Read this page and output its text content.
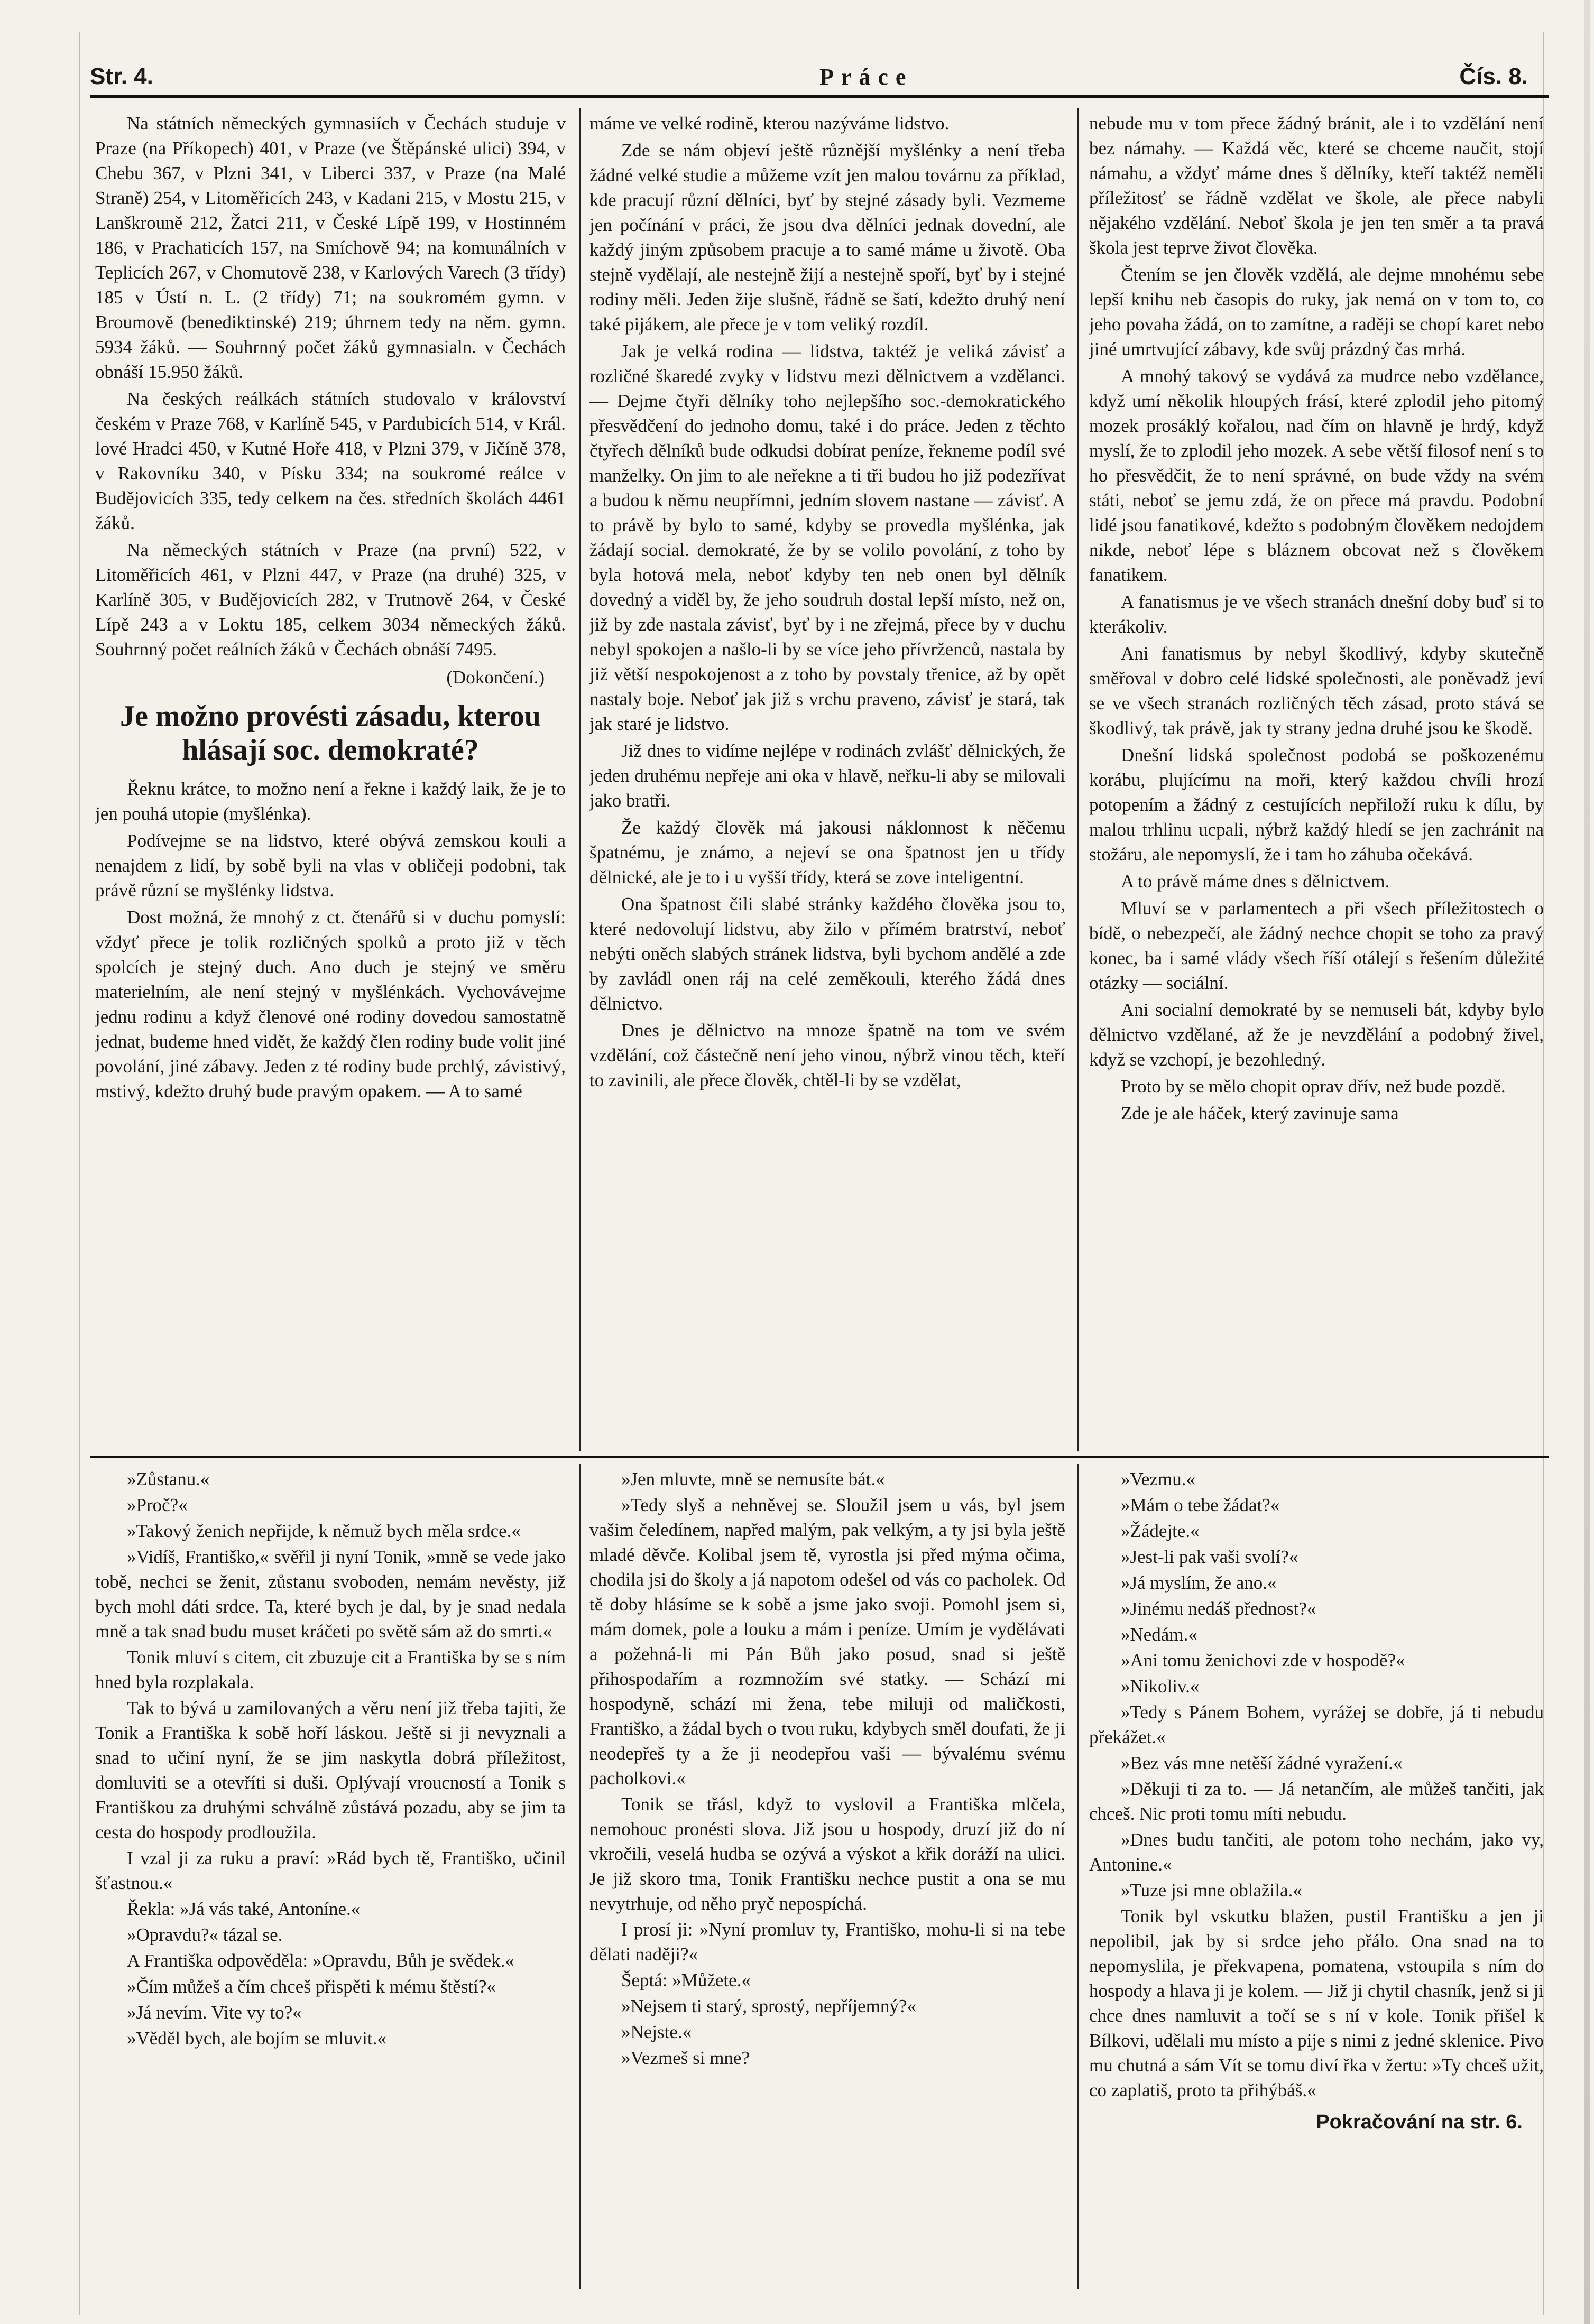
Str. 4.	Práce	Čís. 8.

Na státních německých gymnasiích v Čechách studuje v Praze (na Příkopech) 401, v Praze (ve Štěpánské ulici) 394, v Chebu 367, v Plzni 341, v Liberci 337, v Praze (na Malé Straně) 254, v Litoměřicích 243, v Kadani 215, v Mostu 215, v Lanškrouně 212, Žatci 211, v České Lípě 199, v Hostinném 186, v Prachaticích 157, na Smíchově 94; na komunálních v Teplicích 267, v Chomutově 238, v Karlových Varech (3 třídy) 185 v Ústí n. L. (2 třídy) 71; na soukromém gymn. v Broumově (benediktinské) 219; úhrnem tedy na něm. gymn. 5934 žáků. — Souhrnný počet žáků gymnasialn. v Čechách obnáší 15.950 žáků.

Na českých reálkách státních studovalo v království českém v Praze 768, v Karlíně 545, v Pardubicích 514, v Král. lové Hradci 450, v Kutné Hoře 418, v Plzni 379, v Jičíně 378, v Rakovníku 340, v Písku 334; na soukromé reálce v Budějovicích 335, tedy celkem na čes. středních školách 4461 žáků.

Na německých státních v Praze (na první) 522, v Litoměřicích 461, v Plzni 447, v Praze (na druhé) 325, v Karlíně 305, v Budějovicích 282, v Trutnově 264, v České Lípě 243 a v Loktu 185, celkem 3034 německých žáků. Souhrnný počet reálních žáků v Čechách obnáší 7495.

(Dokončení.)
Je možno provésti zásadu, kterou hlásají soc. demokraté?

Řeknu krátce, to možno není a řekne i každý laik, že je to jen pouhá utopie (myšlénka).

Podívejme se na lidstvo, které obývá zemskou kouli a nenajdem z lidí, by sobě byli na vlas v obličeji podobni, tak právě různí se myšlénky lidstva.

Dost možná, že mnohý z ct. čtenářů si v duchu pomyslí: vždyť přece je tolik rozličných spolků a proto již v těch spolcích je stejný duch. Ano duch je stejný ve směru materielním, ale není stejný v myšlénkách. Vychovávejme jednu rodinu a když členové oné rodiny dovedou samostatně jednat, budeme hned vidět, že každý člen rodiny bude volit jiné povolání, jiné zábavy. Jeden z té rodiny bude prchlý, závistivý, mstivý, kdežto druhý bude pravým opakem. — A to samé

máme ve velké rodině, kterou nazýváme lidstvo.

Zde se nám objeví ještě různější myšlénky a není třeba žádné velké studie a můžeme vzít jen malou továrnu za příklad, kde pracují různí dělníci, byť by stejné zásady byli. Vezmeme jen počínání v práci, že jsou dva dělníci jednak dovední, ale každý jiným způsobem pracuje a to samé máme u životě. Oba stejně vydělají, ale nestejně žijí a nestejně spoří, byť by i stejné rodiny měli. Jeden žije slušně, řádně se šatí, kdežto druhý není také pijákem, ale přece je v tom veliký rozdíl.

Jak je velká rodina — lidstva, taktéž je veliká závisť a rozličné škaredé zvyky v lidstvu mezi dělnictvem a vzdělanci. — Dejme čtyři dělníky toho nejlepšího soc.-demokratického přesvědčení do jednoho domu, také i do práce. Jeden z těchto čtyřech dělníků bude odkudsi dobírat peníze, řekneme podíl své manželky. On jim to ale neřekne a ti tři budou ho již podezřívat a budou k němu neupřímni, jedním slovem nastane — závisť. A to právě by bylo to samé, kdyby se provedla myšlénka, jak žádají social. demokraté, že by se volilo povolání, z toho by byla hotová mela, neboť kdyby ten neb onen byl dělník dovedný a viděl by, že jeho soudruh dostal lepší místo, než on, již by zde nastala závisť, byť by i ne zřejmá, přece by v duchu nebyl spokojen a našlo-li by se více jeho přívrženců, nastala by již větší nespokojenost a z toho by povstaly třenice, až by opět nastaly boje. Neboť jak již s vrchu praveno, závisť je stará, tak jak staré je lidstvo.

Již dnes to vidíme nejlépe v rodinách zvlášť dělnických, že jeden druhému nepřeje ani oka v hlavě, neřku-li aby se milovali jako bratři.

Že každý člověk má jakousi náklonnost k něčemu špatnému, je známo, a nejeví se ona špatnost jen u třídy dělnické, ale je to i u vyšší třídy, která se zove inteligentní.

Ona špatnost čili slabé stránky každého člověka jsou to, které nedovolují lidstvu, aby žilo v přímém bratrství, neboť nebýti oněch slabých stránek lidstva, byli bychom andělé a zde by zavládl onen ráj na celé zeměkouli, kterého žádá dnes dělnictvo.

Dnes je dělnictvo na mnoze špatně na tom ve svém vzdělání, což částečně není jeho vinou, nýbrž vinou těch, kteří to zavinili, ale přece člověk, chtěl-li by se vzdělat,

nebude mu v tom přece žádný bránit, ale i to vzdělání není bez námahy. — Každá věc, které se chceme naučit, stojí námahu, a vždyť máme dnes š dělníky, kteří taktéž neměli příležitosť se řádně vzdělat ve škole, ale přece nabyli nějakého vzdělání. Neboť škola je jen ten směr a ta pravá škola jest teprve život člověka.

Čtením se jen člověk vzdělá, ale dejme mnohému sebe lepší knihu neb časopis do ruky, jak nemá on v tom to, co jeho povaha žádá, on to zamítne, a raději se chopí karet nebo jiné umrtvující zábavy, kde svůj prázdný čas mrhá.

A mnohý takový se vydává za mudrce nebo vzdělance, když umí několik hloupých frásí, které zplodil jeho pitomý mozek prosáklý kořalou, nad čím on hlavně je hrdý, když myslí, že to zplodil jeho mozek. A sebe větší filosof není s to ho přesvědčit, že to není správné, on bude vždy na svém státi, neboť se jemu zdá, že on přece má pravdu. Podobní lidé jsou fanatikové, kdežto s podobným člověkem nedojdem nikde, neboť lépe s bláznem obcovat než s člověkem fanatikem.

A fanatismus je ve všech stranách dnešní doby buď si to kterákoliv.

Ani fanatismus by nebyl škodlivý, kdyby skutečně směřoval v dobro celé lidské společnosti, ale poněvadž jeví se ve všech stranách rozličných těch zásad, proto stává se škodlivý, tak právě, jak ty strany jedna druhé jsou ke škodě.

Dnešní lidská společnost podobá se poškozenému korábu, plujícímu na moři, který každou chvíli hrozí potopením a žádný z cestujících nepřiloží ruku k dílu, by malou trhlinu ucpali, nýbrž každý hledí se jen zachránit na stožáru, ale nepomyslí, že i tam ho záhuba očekává.

A to právě máme dnes s dělnictvem.

Mluví se v parlamentech a při všech příležitostech o bídě, o nebezpečí, ale žádný nechce chopit se toho za pravý konec, ba i samé vlády všech říší otálejí s řešením důležité otázky — sociální.

Ani socialní demokraté by se nemuseli bát, kdyby bylo dělnictvo vzdělané, až že je nevzdělání a podobný živel, když se vzchopí, je bezohledný.

Proto by se mělo chopit oprav dřív, než bude pozdě.

Zde je ale háček, který zavinuje sama

»Zůstanu.«

»Proč?«

»Takový ženich nepřijde, k němuž bych měla srdce.«

»Vidíš, Františko,« svěřil ji nyní Tonik, »mně se vede jako tobě, nechci se ženit, zůstanu svoboden, nemám nevěsty, již bych mohl dáti srdce. Ta, které bych je dal, by je snad nedala mně a tak snad budu muset kráčeti po světě sám až do smrti.«

Tonik mluví s citem, cit zbuzuje cit a Františka by se s ním hned byla rozplakala.

Tak to bývá u zamilovaných a věru není již třeba tajiti, že Tonik a Františka k sobě hoří láskou. Ještě si ji nevyznali a snad to učiní nyní, že se jim naskytla dobrá příležitost, domluviti se a otevříti si duši. Oplývají vroucností a Tonik s Františkou za druhými schválně zůstává pozadu, aby se jim ta cesta do hospody prodloužila.

I vzal ji za ruku a praví: »Rád bych tě, Františko, učinil šťastnou.«

Řekla: »Já vás také, Antoníne.«

»Opravdu?« tázal se.

A Františka odpověděla: »Opravdu, Bůh je svědek.«

»Čím můžeš a čím chceš přispěti k mému štěstí?«

»Já nevím. Vite vy to?«

»Věděl bych, ale bojím se mluvit.«

»Jen mluvte, mně se nemusíte bát.«

»Tedy slyš a nehněvej se. Sloužil jsem u vás, byl jsem vašim čeledínem, napřed malým, pak velkým, a ty jsi byla ještě mladé děvče. Kolibal jsem tě, vyrostla jsi před mýma očima, chodila jsi do školy a já napotom odešel od vás co pacholek. Od tě doby hlásíme se k sobě a jsme jako svoji. Pomohl jsem si, mám domek, pole a louku a mám i peníze. Umím je vydělávati a požehná-li mi Pán Bůh jako posud, snad si ještě přihospodařím a rozmnožím své statky. — Schází mi hospodyně, schází mi žena, tebe miluji od maličkosti, Františko, a žádal bych o tvou ruku, kdybych směl doufati, že ji neodepřeš ty a že ji neodepřou vaši — bývalému svému pacholkovi.«

Tonik se třásl, když to vyslovil a Františka mlčela, nemohouc pronésti slova. Již jsou u hospody, druzí již do ní vkročili, veselá hudba se ozývá a výskot a křik doráží na ulici. Je již skoro tma, Tonik Františku nechce pustit a ona se mu nevytrhuje, od něho pryč nepospíchá.

I prosí ji: »Nyní promluv ty, Františko, mohu-li si na tebe dělati naději?«

Šeptá: »Můžete.«

»Nejsem ti starý, sprostý, nepříjemný?«

»Nejste.«

»Vezmeš si mne?

»Vezmu.«

»Mám o tebe žádat?«

»Žádejte.«

»Jest-li pak vaši svolí?«

»Já myslím, že ano.«

»Jinému nedáš přednost?«

»Nedám.«

»Ani tomu ženichovi zde v hospodě?«

»Nikoliv.«

»Tedy s Pánem Bohem, vyrážej se dobře, já ti nebudu překážet.«

»Bez vás mne netěší žádné vyražení.«

»Děkuji ti za to. — Já netančím, ale můžeš tančiti, jak chceš. Nic proti tomu míti nebudu.

»Dnes budu tančiti, ale potom toho nechám, jako vy, Antonine.«

»Tuze jsi mne oblažila.«

Tonik byl vskutku blažen, pustil Františku a jen ji nepolibil, jak by si srdce jeho přálo. Ona snad na to nepomyslila, je překvapena, pomatena, vstoupila s ním do hospody a hlava ji je kolem. — Již ji chytil chasník, jenž si ji chce dnes namluvit a točí se s ní v kole. Tonik přišel k Bílkovi, udělali mu místo a pije s nimi z jedné sklenice. Pivo mu chutná a sám Vít se tomu diví řka v žertu: »Ty chceš užit, co zaplatiš, proto ta přihýbáš.«

Pokračování na str. 6.
